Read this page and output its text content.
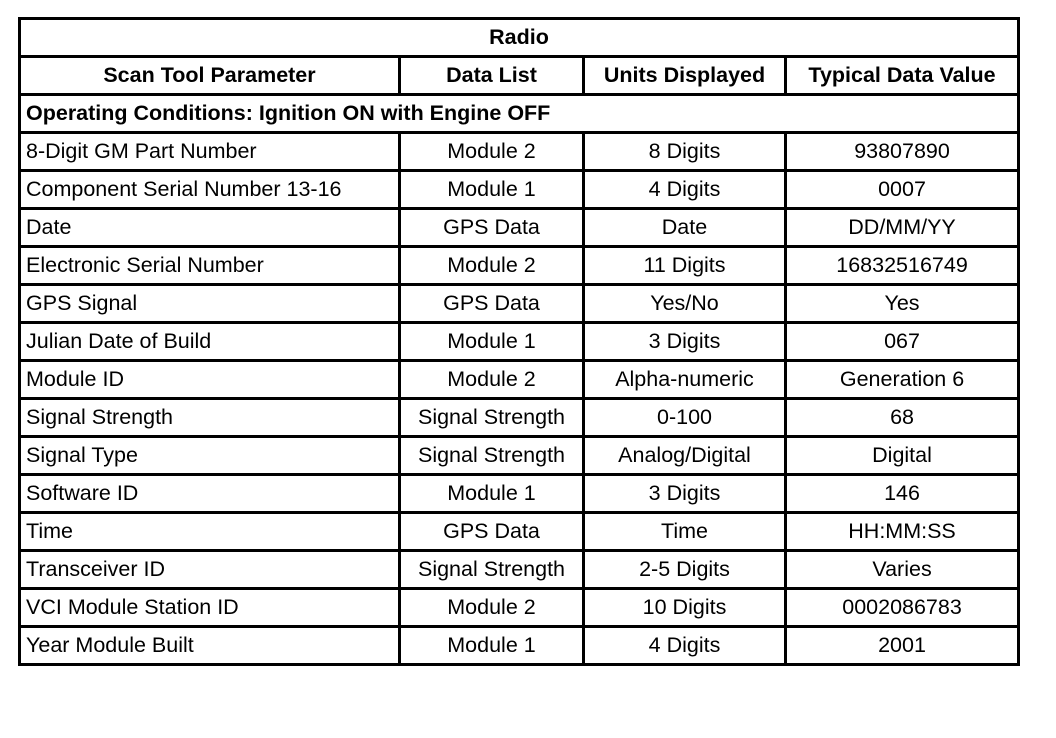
Radio			
Scan Tool Parameter	Data List	Units Displayed	Typical Data Value
Operating Conditions: Ignition ON with Engine OFF			
8-Digit GM Part Number	Module 2	8 Digits	93807890
Component Serial Number 13-16	Module 1	4 Digits	0007
Date	GPS Data	Date	DD/MM/YY
Electronic Serial Number	Module 2	11 Digits	16832516749
GPS Signal	GPS Data	Yes/No	Yes
Julian Date of Build	Module 1	3 Digits	067
Module ID	Module 2	Alpha-numeric	Generation 6
Signal Strength	Signal Strength	0-100	68
Signal Type	Signal Strength	Analog/Digital	Digital
Software ID	Module 1	3 Digits	146
Time	GPS Data	Time	HH:MM:SS
Transceiver ID	Signal Strength	2-5 Digits	Varies
VCI Module Station ID	Module 2	10 Digits	0002086783
Year Module Built	Module 1	4 Digits	2001
